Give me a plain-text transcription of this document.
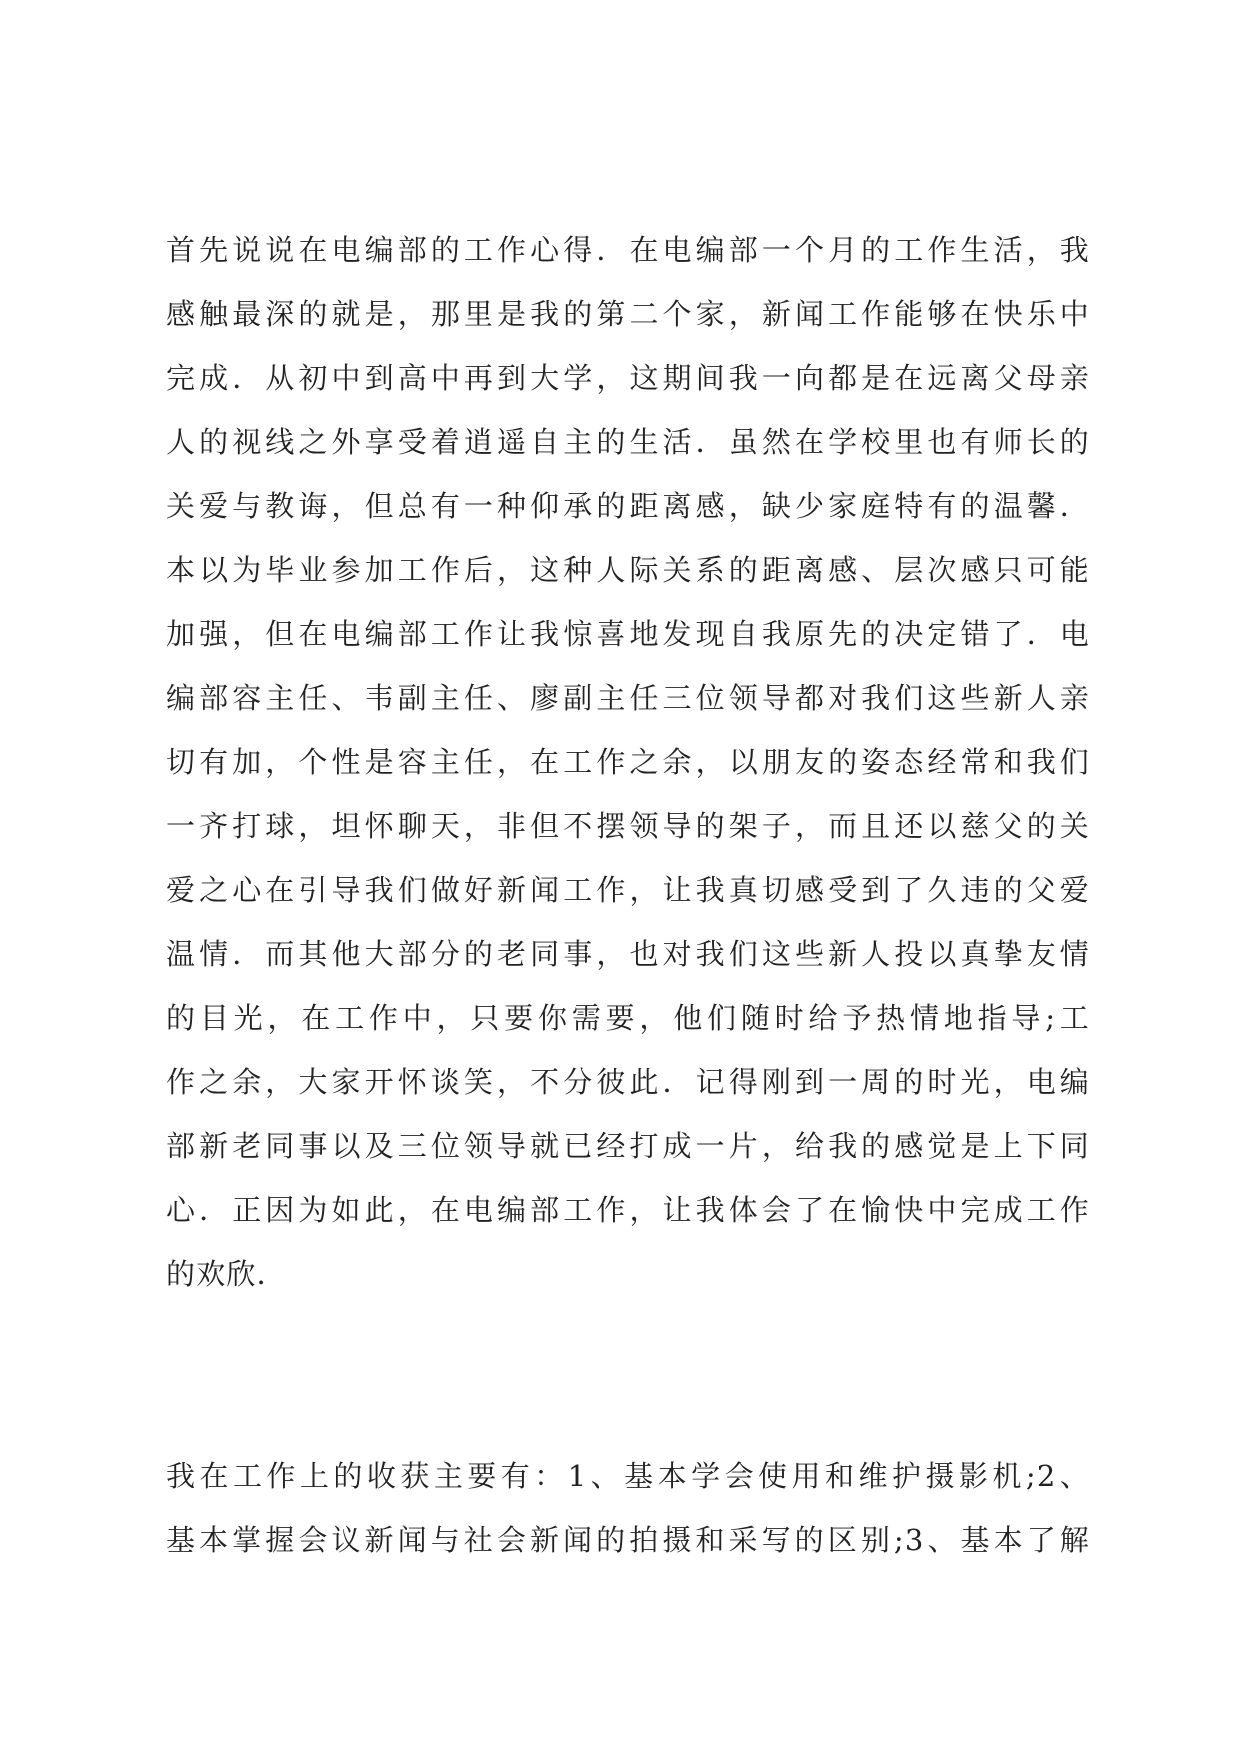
首先说说在电编部的工作心得．在电编部一个月的工作生活，我
感触最深的就是，那里是我的第二个家，新闻工作能够在快乐中
完成．从初中到高中再到大学，这期间我一向都是在远离父母亲
人的视线之外享受着逍遥自主的生活．虽然在学校里也有师长的
关爱与教诲，但总有一种仰承的距离感，缺少家庭特有的温馨．
本以为毕业参加工作后，这种人际关系的距离感、层次感只可能
加强，但在电编部工作让我惊喜地发现自我原先的决定错了．电
编部容主任、韦副主任、廖副主任三位领导都对我们这些新人亲
切有加，个性是容主任，在工作之余，以朋友的姿态经常和我们
一齐打球，坦怀聊天，非但不摆领导的架子，而且还以慈父的关
爱之心在引导我们做好新闻工作，让我真切感受到了久违的父爱
温情．而其他大部分的老同事，也对我们这些新人投以真挚友情
的目光，在工作中，只要你需要，他们随时给予热情地指导;工
作之余，大家开怀谈笑，不分彼此．记得刚到一周的时光，电编
部新老同事以及三位领导就已经打成一片，给我的感觉是上下同
心．正因为如此，在电编部工作，让我体会了在愉快中完成工作
的欢欣．
我在工作上的收获主要有：1、基本学会使用和维护摄影机;2、
基本掌握会议新闻与社会新闻的拍摄和采写的区别;3、基本了解
